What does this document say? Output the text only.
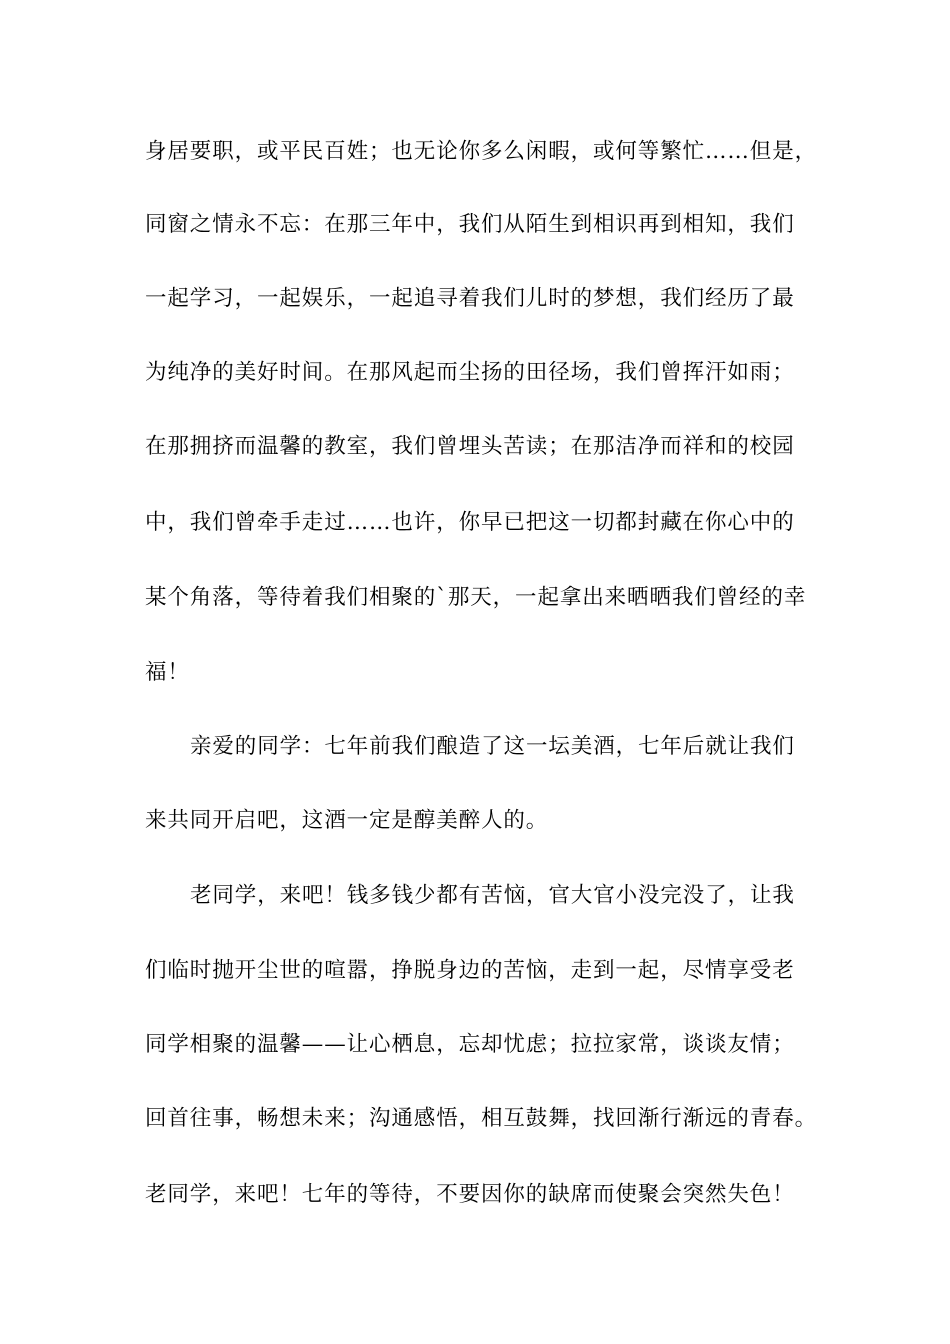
身居要职，或平民百姓；也无论你多么闲暇，或何等繁忙……但是，
同窗之情永不忘：在那三年中，我们从陌生到相识再到相知，我们
一起学习，一起娱乐，一起追寻着我们儿时的梦想，我们经历了最
为纯净的美好时间。在那风起而尘扬的田径场，我们曾挥汗如雨；
在那拥挤而温馨的教室，我们曾埋头苦读；在那洁净而祥和的校园
中，我们曾牵手走过……也许，你早已把这一切都封藏在你心中的
某个角落，等待着我们相聚的`那天，一起拿出来晒晒我们曾经的幸
福！
亲爱的同学：七年前我们酿造了这一坛美酒，七年后就让我们
来共同开启吧，这酒一定是醇美醉人的。
老同学，来吧！钱多钱少都有苦恼，官大官小没完没了，让我
们临时抛开尘世的喧嚣，挣脱身边的苦恼，走到一起，尽情享受老
同学相聚的温馨——让心栖息，忘却忧虑；拉拉家常，谈谈友情；
回首往事，畅想未来；沟通感悟，相互鼓舞，找回渐行渐远的青春。
老同学，来吧！七年的等待，不要因你的缺席而使聚会突然失色！
